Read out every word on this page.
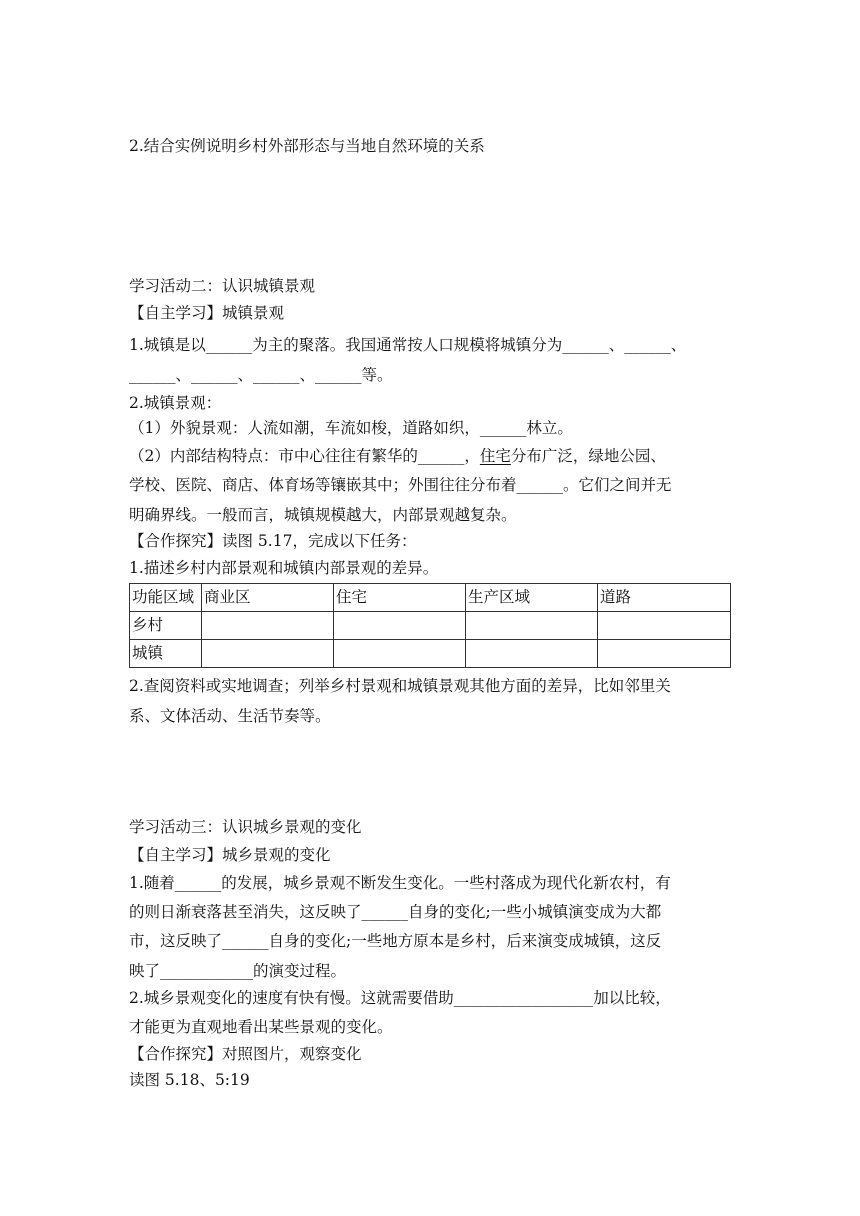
2.结合实例说明乡村外部形态与当地自然环境的关系
学习活动二：认识城镇景观
【自主学习】城镇景观
1.城镇是以______为主的聚落。我国通常按人口规模将城镇分为______、______、
______、______、______、______等。
2.城镇景观：
（1）外貌景观：人流如潮，车流如梭，道路如织，______林立。
（2）内部结构特点：市中心往往有繁华的______，住宅分布广泛，绿地公园、
学校、医院、商店、体育场等镶嵌其中；外围往往分布着______。它们之间并无
明确界线。一般而言，城镇规模越大，内部景观越复杂。
【合作探究】读图 5.17，完成以下任务：
1.描述乡村内部景观和城镇内部景观的差异。
功能区域	商业区	住宅	生产区域	道路
乡村				
城镇				
2.查阅资料或实地调查；列举乡村景观和城镇景观其他方面的差异，比如邻里关
系、文体活动、生活节奏等。
学习活动三：认识城乡景观的变化
【自主学习】城乡景观的变化
1.随着______的发展，城乡景观不断发生变化。一些村落成为现代化新农村，有
的则日渐衰落甚至消失，这反映了______自身的变化;一些小城镇演变成为大都
市，这反映了______自身的变化;一些地方原本是乡村，后来演变成城镇，这反
映了____________的演变过程。
2.城乡景观变化的速度有快有慢。这就需要借助__________________加以比较，
才能更为直观地看出某些景观的变化。
【合作探究】对照图片，观察变化
读图 5.18、5:19
